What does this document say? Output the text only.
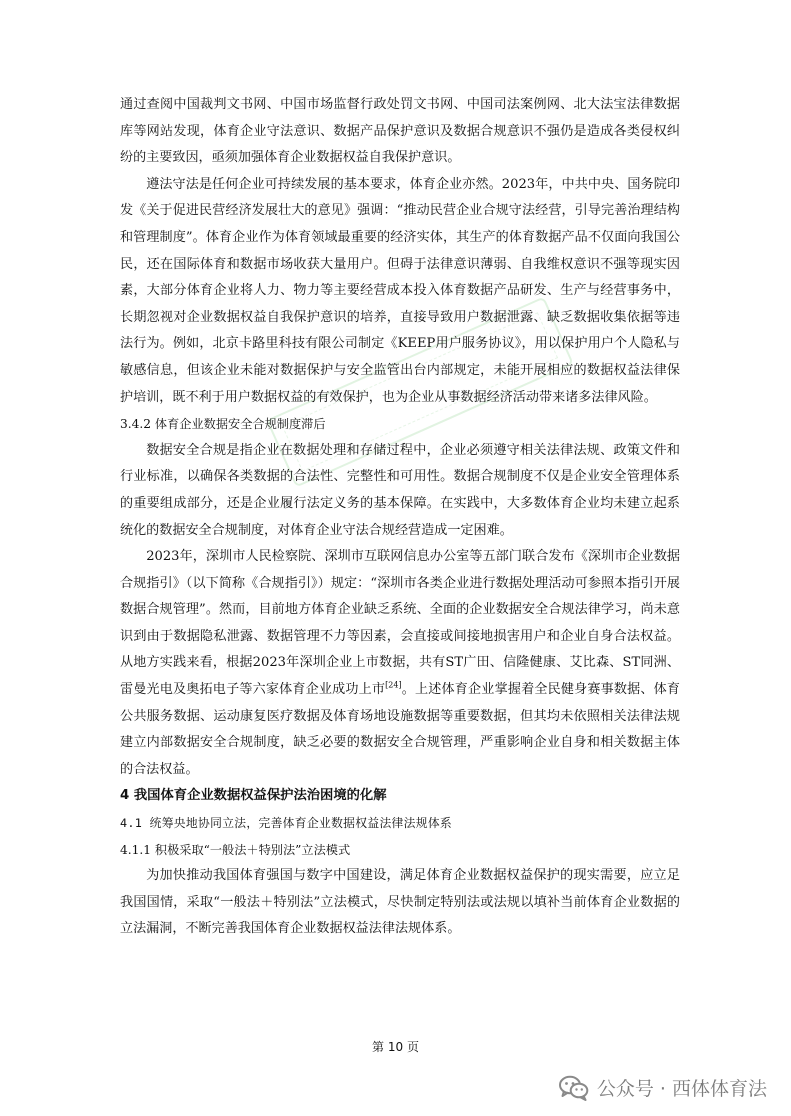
通过查阅中国裁判文书网、中国市场监督行政处罚文书网、中国司法案例网、北大法宝法律数据库等网站发现，体育企业守法意识、数据产品保护意识及数据合规意识不强仍是造成各类侵权纠纷的主要致因，亟须加强体育企业数据权益自我保护意识。

遵法守法是任何企业可持续发展的基本要求，体育企业亦然。2023年，中共中央、国务院印发《关于促进民营经济发展壮大的意见》强调：“推动民营企业合规守法经营，引导完善治理结构和管理制度”。体育企业作为体育领域最重要的经济实体，其生产的体育数据产品不仅面向我国公民，还在国际体育和数据市场收获大量用户。但碍于法律意识薄弱、自我维权意识不强等现实因素，大部分体育企业将人力、物力等主要经营成本投入体育数据产品研发、生产与经营事务中，长期忽视对企业数据权益自我保护意识的培养，直接导致用户数据泄露、缺乏数据收集依据等违法行为。例如，北京卡路里科技有限公司制定《KEEP用户服务协议》，用以保护用户个人隐私与敏感信息，但该企业未能对数据保护与安全监管出台内部规定，未能开展相应的数据权益法律保护培训，既不利于用户数据权益的有效保护，也为企业从事数据经济活动带来诸多法律风险。

3.4.2 体育企业数据安全合规制度滞后

数据安全合规是指企业在数据处理和存储过程中，企业必须遵守相关法律法规、政策文件和行业标准，以确保各类数据的合法性、完整性和可用性。数据合规制度不仅是企业安全管理体系的重要组成部分，还是企业履行法定义务的基本保障。在实践中，大多数体育企业均未建立起系统化的数据安全合规制度，对体育企业守法合规经营造成一定困难。

2023年，深圳市人民检察院、深圳市互联网信息办公室等五部门联合发布《深圳市企业数据合规指引》（以下简称《合规指引》）规定：“深圳市各类企业进行数据处理活动可参照本指引开展数据合规管理”。然而，目前地方体育企业缺乏系统、全面的企业数据安全合规法律学习，尚未意识到由于数据隐私泄露、数据管理不力等因素，会直接或间接地损害用户和企业自身合法权益。从地方实践来看，根据2023年深圳企业上市数据，共有ST广田、信隆健康、艾比森、ST同洲、雷曼光电及奥拓电子等六家体育企业成功上市[24]。上述体育企业掌握着全民健身赛事数据、体育公共服务数据、运动康复医疗数据及体育场地设施数据等重要数据，但其均未依照相关法律法规建立内部数据安全合规制度，缺乏必要的数据安全合规管理，严重影响企业自身和相关数据主体的合法权益。

4 我国体育企业数据权益保护法治困境的化解

4.1 统筹央地协同立法，完善体育企业数据权益法律法规体系

4.1.1 积极采取“一般法＋特别法”立法模式

为加快推动我国体育强国与数字中国建设，满足体育企业数据权益保护的现实需要，应立足我国国情，采取“一般法＋特别法”立法模式，尽快制定特别法或法规以填补当前体育企业数据的立法漏洞，不断完善我国体育企业数据权益法律法规体系。

第 10 页
公众号 · 西体体育法
